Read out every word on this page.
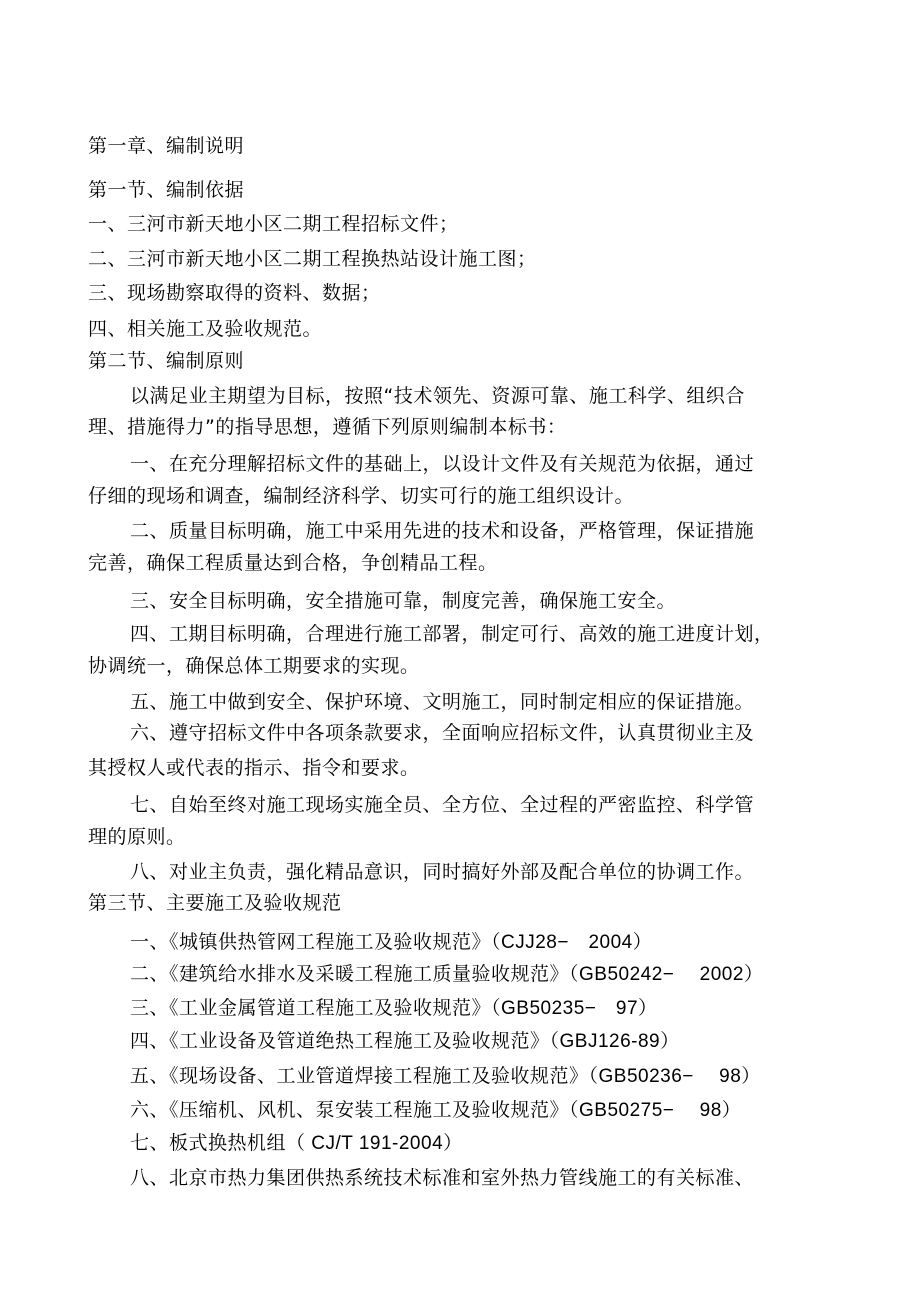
第一章、编制说明
第一节、编制依据
一、三河市新天地小区二期工程招标文件；
二、三河市新天地小区二期工程换热站设计施工图；
三、现场勘察取得的资料、数据；
四、相关施工及验收规范。
第二节、编制原则
以满足业主期望为目标，按照“技术领先、资源可靠、施工科学、组织合
理、措施得力”的指导思想，遵循下列原则编制本标书：
一、在充分理解招标文件的基础上，以设计文件及有关规范为依据，通过
仔细的现场和调查，编制经济科学、切实可行的施工组织设计。
二、质量目标明确，施工中采用先进的技术和设备，严格管理，保证措施
完善，确保工程质量达到合格，争创精品工程。
三、安全目标明确，安全措施可靠，制度完善，确保施工安全。
四、工期目标明确，合理进行施工部署，制定可行、高效的施工进度计划，
协调统一，确保总体工期要求的实现。
五、施工中做到安全、保护环境、文明施工，同时制定相应的保证措施。
六、遵守招标文件中各项条款要求，全面响应招标文件，认真贯彻业主及
其授权人或代表的指示、指令和要求。
七、自始至终对施工现场实施全员、全方位、全过程的严密监控、科学管
理的原则。
八、对业主负责，强化精品意识，同时搞好外部及配合单位的协调工作。
第三节、主要施工及验收规范
一、《城镇供热管网工程施工及验收规范》（CJJ28−　2004）
二、《建筑给水排水及采暖工程施工质量验收规范》（GB50242−　 2002）
三、《工业金属管道工程施工及验收规范》（GB50235−　97）
四、《工业设备及管道绝热工程施工及验收规范》（GBJ126-89）
五、《现场设备、工业管道焊接工程施工及验收规范》（GB50236−　 98）
六、《压缩机、风机、泵安装工程施工及验收规范》（GB50275−　 98）
七、板式换热机组（ CJ/T 191-2004）
八、北京市热力集团供热系统技术标准和室外热力管线施工的有关标准、
